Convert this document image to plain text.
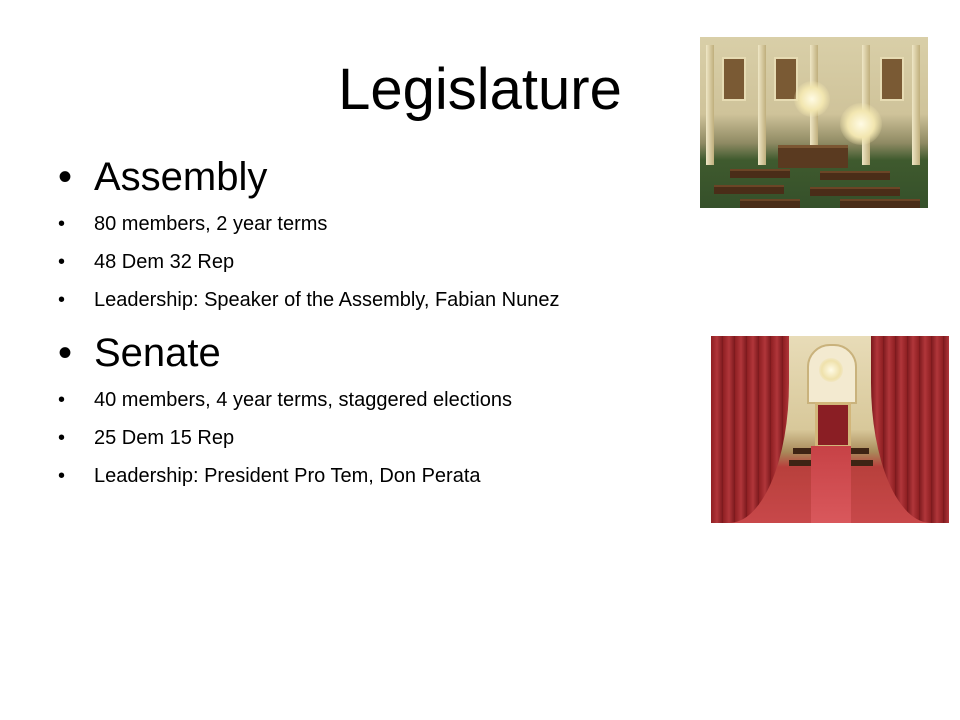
Legislature
• Assembly
• 80 members, 2 year terms
• 48 Dem 32 Rep
• Leadership: Speaker of the Assembly, Fabian Nunez
• Senate
• 40 members, 4 year terms, staggered elections
• 25 Dem 15 Rep
• Leadership: President Pro Tem, Don Perata
